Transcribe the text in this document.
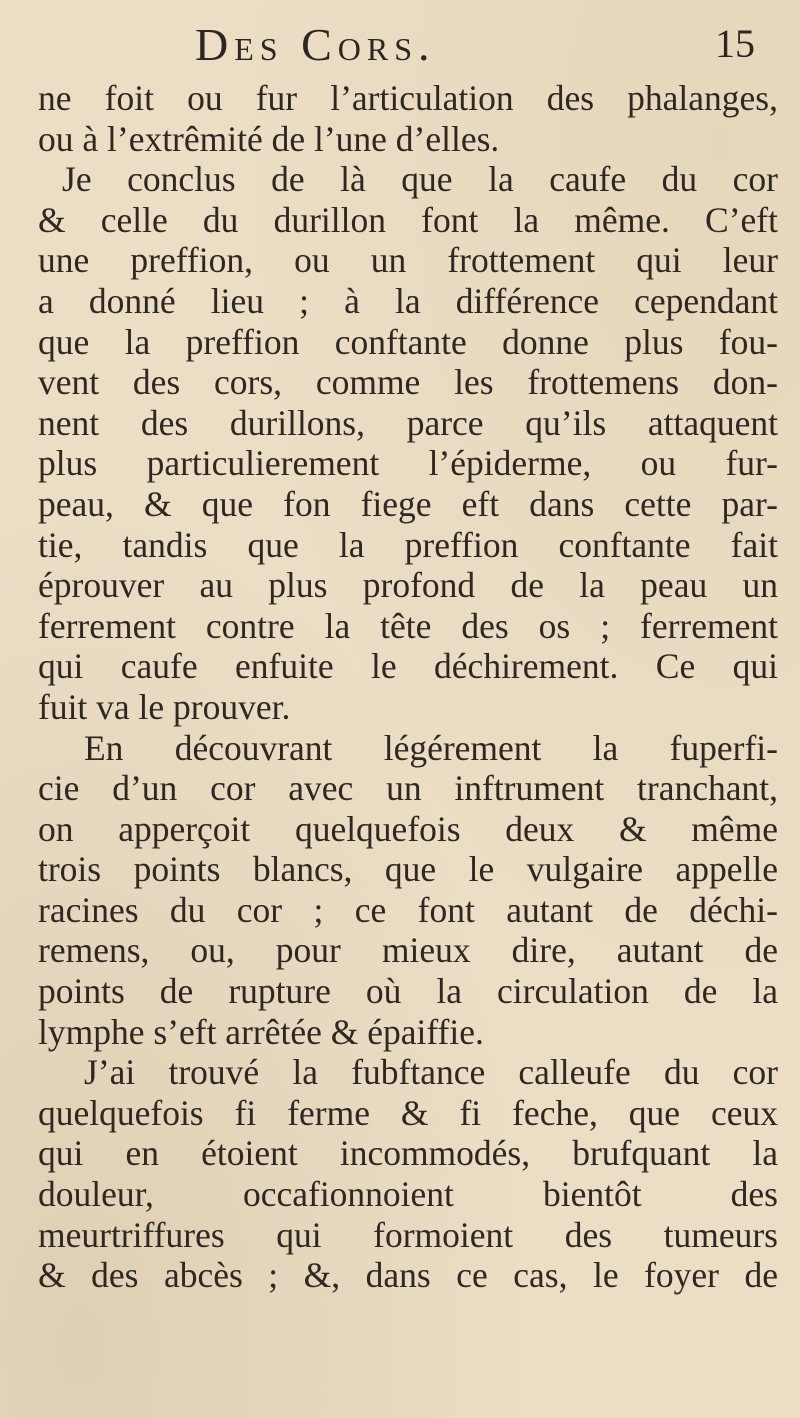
Des Cors.	15
ne foit ou fur l’articulation des phalanges,
ou à l’extrêmité de l’une d’elles.
Je conclus de là que la caufe du cor
& celle du durillon font la même. C’eft
une preffion, ou un frottement qui leur
a donné lieu ; à la différence cependant
que la preffion conftante donne plus fou-
vent des cors, comme les frottemens don-
nent des durillons, parce qu’ils attaquent
plus particulierement l’épiderme, ou fur-
peau, & que fon fiege eft dans cette par-
tie, tandis que la preffion conftante fait
éprouver au plus profond de la peau un
ferrement contre la tête des os ; ferrement
qui caufe enfuite le déchirement. Ce qui
fuit va le prouver.
En découvrant légérement la fuperfi-
cie d’un cor avec un inftrument tranchant,
on apperçoit quelquefois deux & même
trois points blancs, que le vulgaire appelle
racines du cor ; ce font autant de déchi-
remens, ou, pour mieux dire, autant de
points de rupture où la circulation de la
lymphe s’eft arrêtée & épaiffie.
J’ai trouvé la fubftance calleufe du cor
quelquefois fi ferme & fi feche, que ceux
qui en étoient incommodés, brufquant la
douleur, occafionnoient bientôt des
meurtriffures qui formoient des tumeurs
& des abcès ; &, dans ce cas, le foyer de
